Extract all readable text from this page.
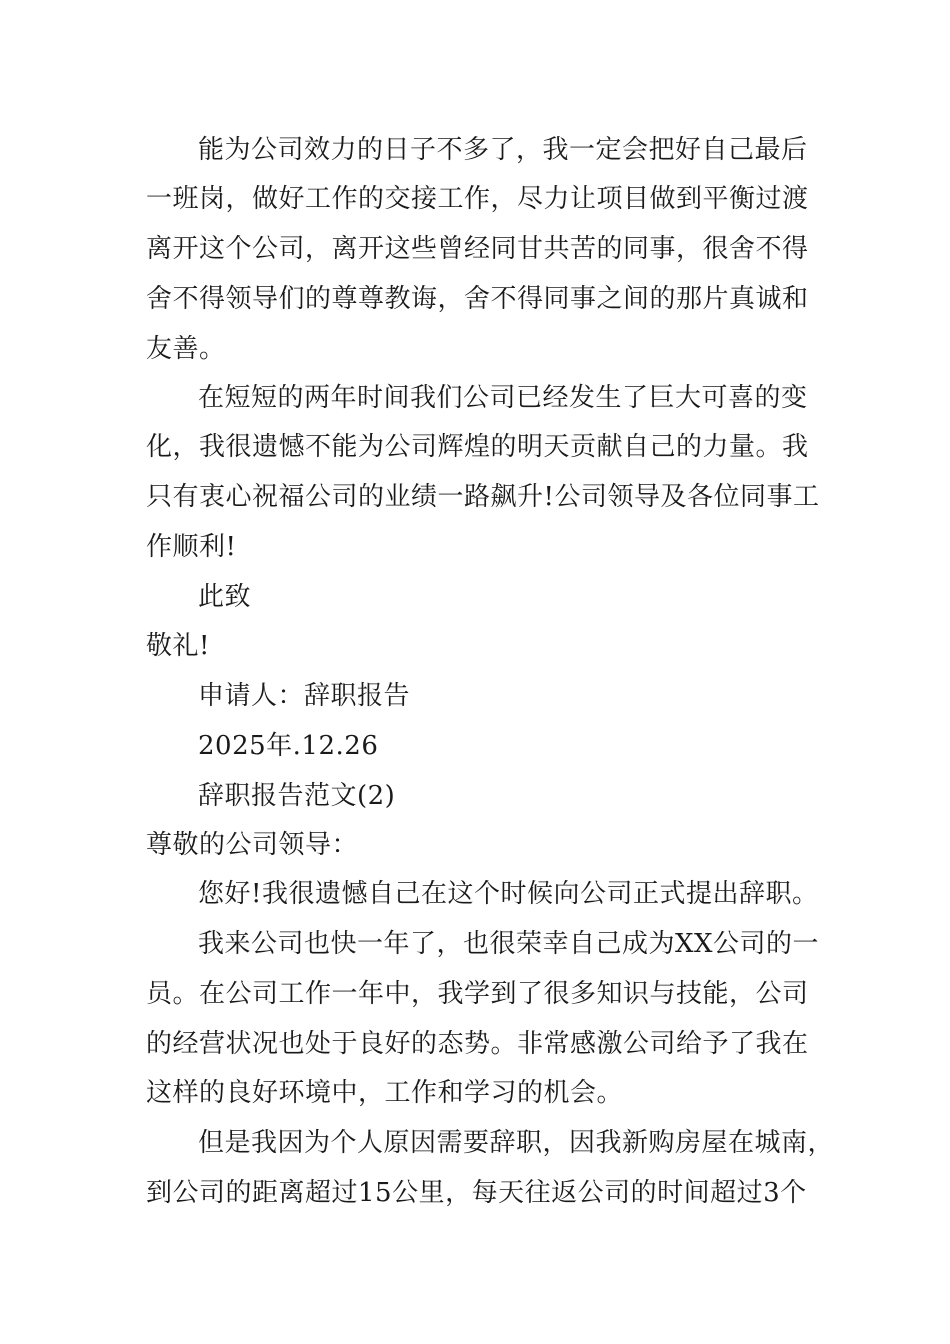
能为公司效力的日子不多了，我一定会把好自己最后
一班岗，做好工作的交接工作，尽力让项目做到平衡过渡
离开这个公司，离开这些曾经同甘共苦的同事，很舍不得
舍不得领导们的尊尊教诲，舍不得同事之间的那片真诚和
友善。
在短短的两年时间我们公司已经发生了巨大可喜的变
化，我很遗憾不能为公司辉煌的明天贡献自己的力量。我
只有衷心祝福公司的业绩一路飙升!公司领导及各位同事工
作顺利!
此致
敬礼!
申请人：辞职报告
2025年.12.26
辞职报告范文(2)
尊敬的公司领导：
您好!我很遗憾自己在这个时候向公司正式提出辞职。
我来公司也快一年了，也很荣幸自己成为XX公司的一
员。在公司工作一年中，我学到了很多知识与技能，公司
的经营状况也处于良好的态势。非常感激公司给予了我在
这样的良好环境中，工作和学习的机会。
但是我因为个人原因需要辞职，因我新购房屋在城南，
到公司的距离超过15公里，每天往返公司的时间超过3个
